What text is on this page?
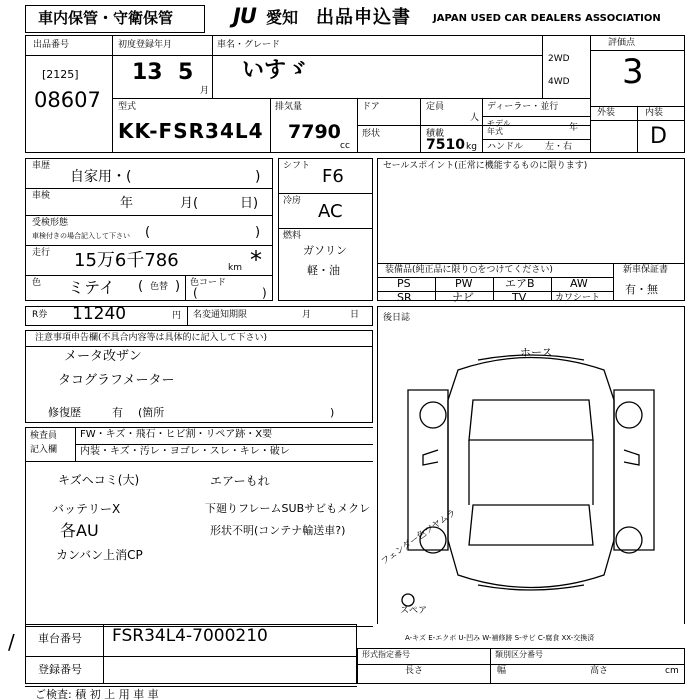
車内保管・守衛保管	JU 愛知 出品申込書 JAPAN USED CAR DEALERS ASSOCIATION
出品番号
[2125]
08607
初度登録年月
13 5
月
車名・グレード
いすゞ	2WD
4WD
評価点
3
外装	内装
D
型式
KK-FSR34L4
排気量
7790
cc
ドア
形状
定員
人
積載
7510 kg
ディーラー・並行
モデル 年式	年
ハンドル 左・右
車歴
自家用・(	)
車検	年	月(	日)
受検形態
車検付きの場合記入して下さい (	)
走行 15万6千786	km *
色 ミテイ	色替
( ) 色コード
(	)
シフト F6
冷房 AC
燃料
ガソリン
軽・油
セールスポイント(正常に機能するものに限ります)
装備品(純正品に限り○をつけてください)
PS	PW	エアB	AW
SR	ナビ	TV	カワシート
新車保証書
有・無
R券 11240	円 名変通知期限	月	日	後日誌
注意事項申告欄(不具合内容等は具体的に記入して下さい)
メータ改ザン
タコグラフメーター
修復歴	有 (箇所	)
検査員
記入欄
FW・キズ・飛石・ヒビ割・リペア跡・X要
内装・キズ・汚レ・ヨゴレ・スレ・キレ・破レ
キズヘコミ(大)
バッテリーX
各AU
カンバン上消CP
エアーもれ
下廻りフレームSUBサビもメクレ
形状不明(コンテナ輸送車?)
ホース
フェンダー色ツヤムラ
スペア
A-キズ E-エクボ U-凹み W-補修跡 S-サビ C-腐食 XX-交換済
車台番号 FSR34L4-7000210
登録番号
形式指定番号	類別区分番号
長さ	幅	高さ	cm
ご検査: 積 初 上 用 車 車
/
